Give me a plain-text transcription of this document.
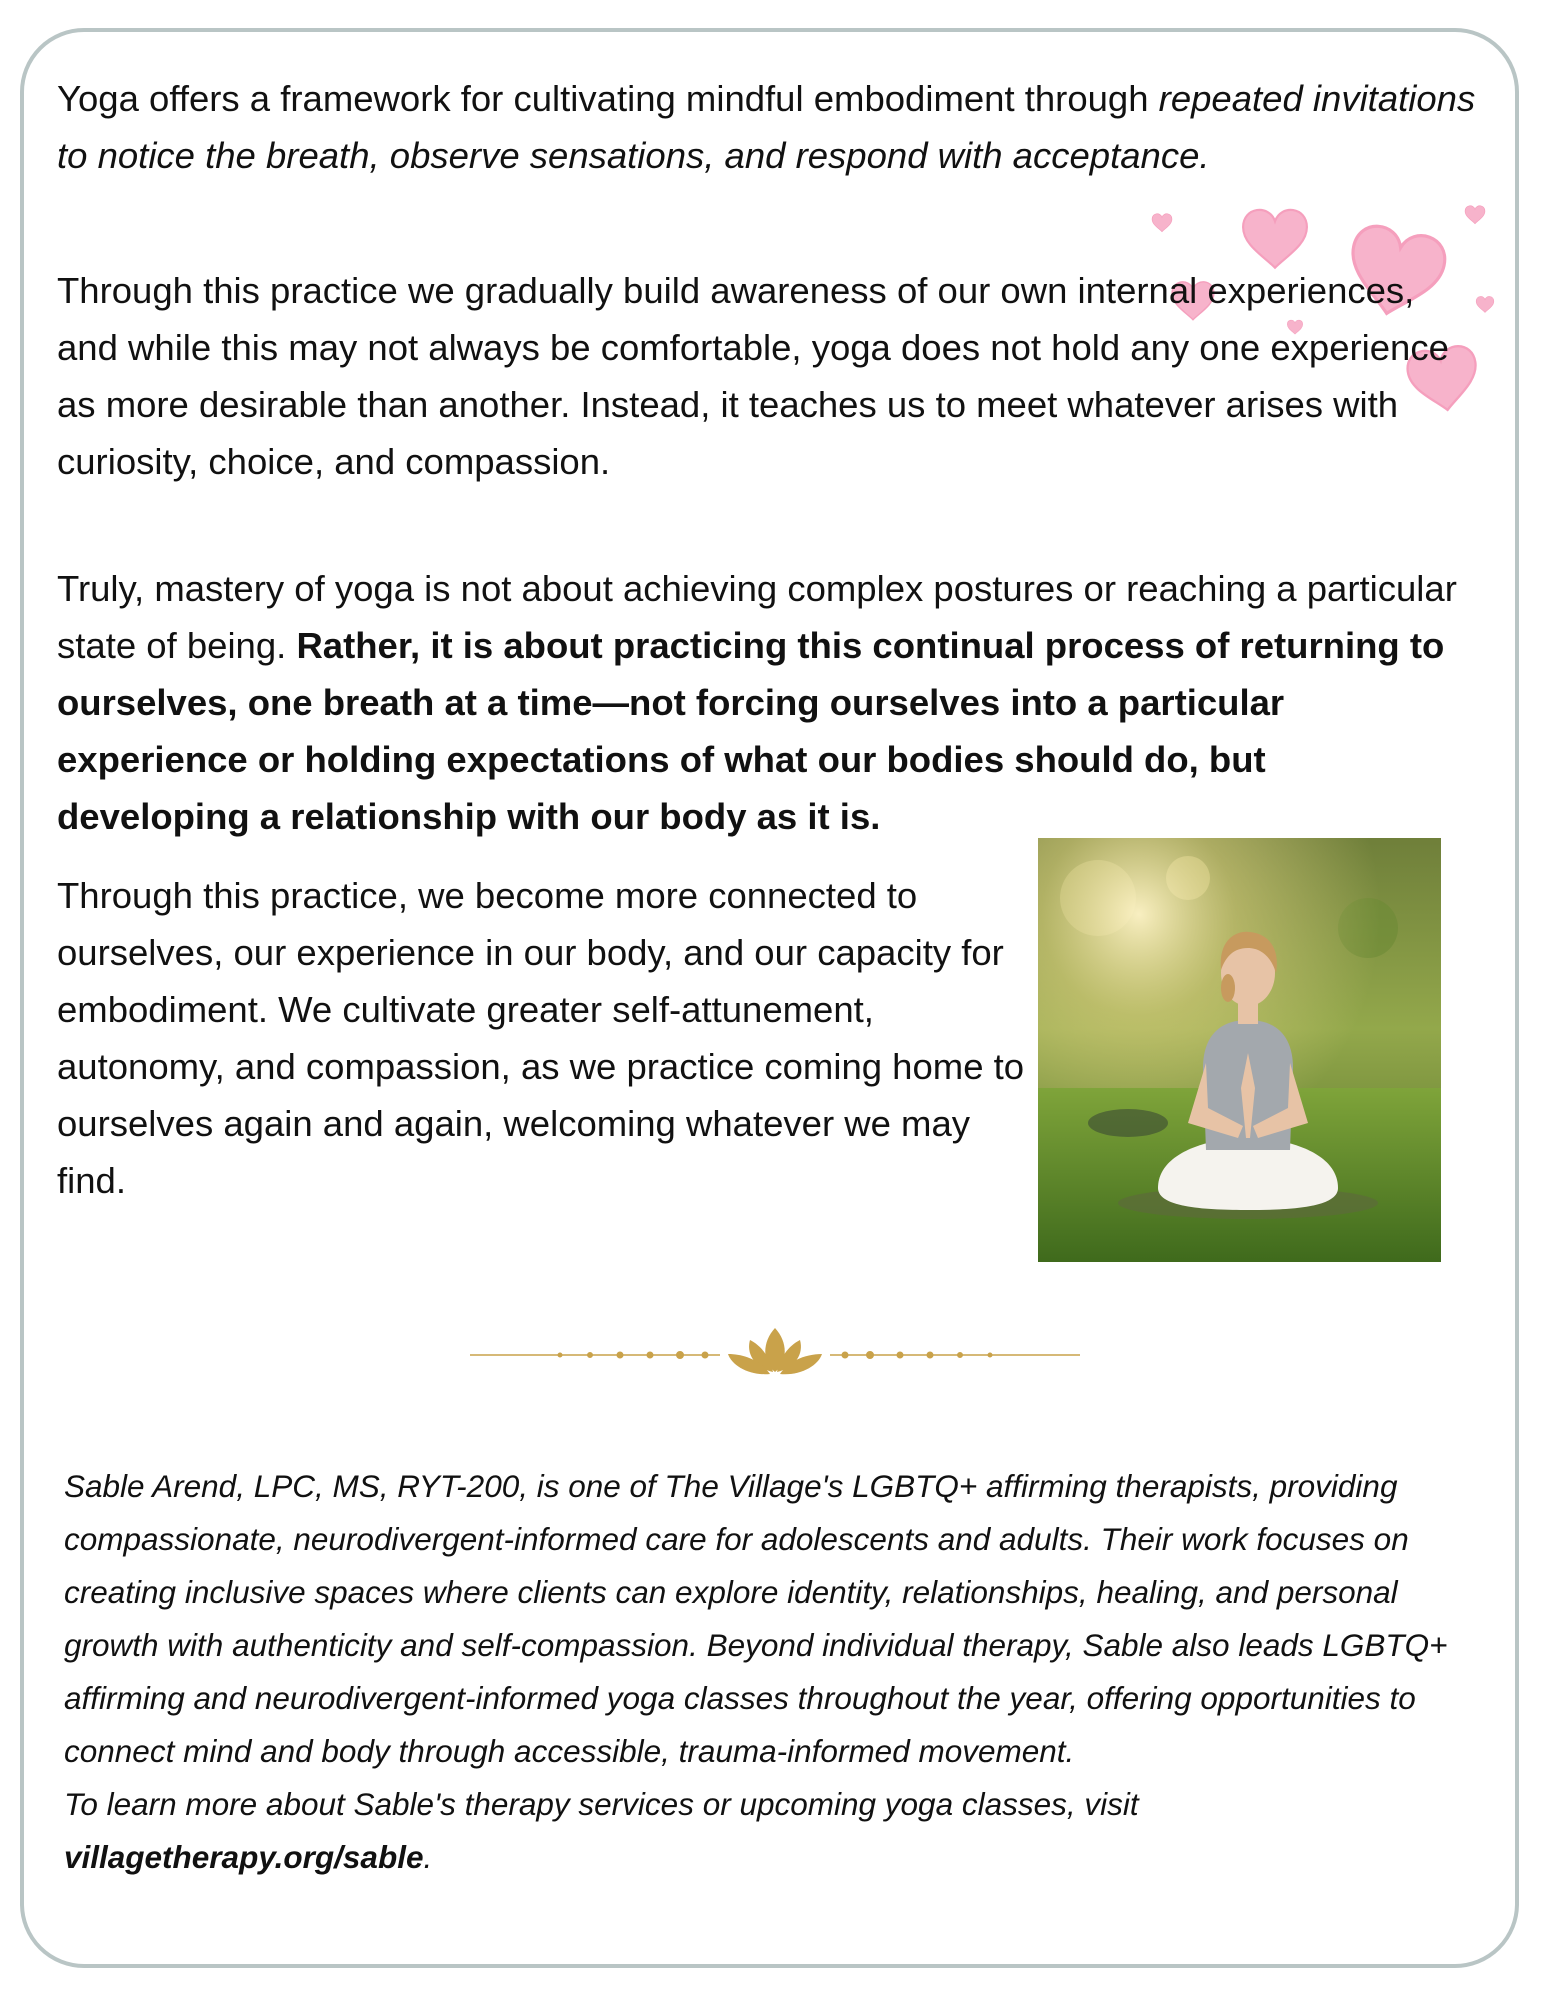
Yoga offers a framework for cultivating mindful embodiment through repeated invitations to notice the breath, observe sensations, and respond with acceptance.

Through this practice we gradually build awareness of our own internal experiences, and while this may not always be comfortable, yoga does not hold any one experience as more desirable than another. Instead, it teaches us to meet whatever arises with curiosity, choice, and compassion.

Truly, mastery of yoga is not about achieving complex postures or reaching a particular state of being. Rather, it is about practicing this continual process of returning to ourselves, one breath at a time—not forcing ourselves into a particular experience or holding expectations of what our bodies should do, but developing a relationship with our body as it is.

Through this practice, we become more connected to ourselves, our experience in our body, and our capacity for embodiment. We cultivate greater self-attunement, autonomy, and compassion, as we practice coming home to ourselves again and again, welcoming whatever we may find.

Sable Arend, LPC, MS, RYT-200, is one of The Village's LGBTQ+ affirming therapists, providing compassionate, neurodivergent-informed care for adolescents and adults. Their work focuses on creating inclusive spaces where clients can explore identity, relationships, healing, and personal growth with authenticity and self-compassion. Beyond individual therapy, Sable also leads LGBTQ+ affirming and neurodivergent-informed yoga classes throughout the year, offering opportunities to connect mind and body through accessible, trauma-informed movement.
To learn more about Sable's therapy services or upcoming yoga classes, visit
villagetherapy.org/sable.
